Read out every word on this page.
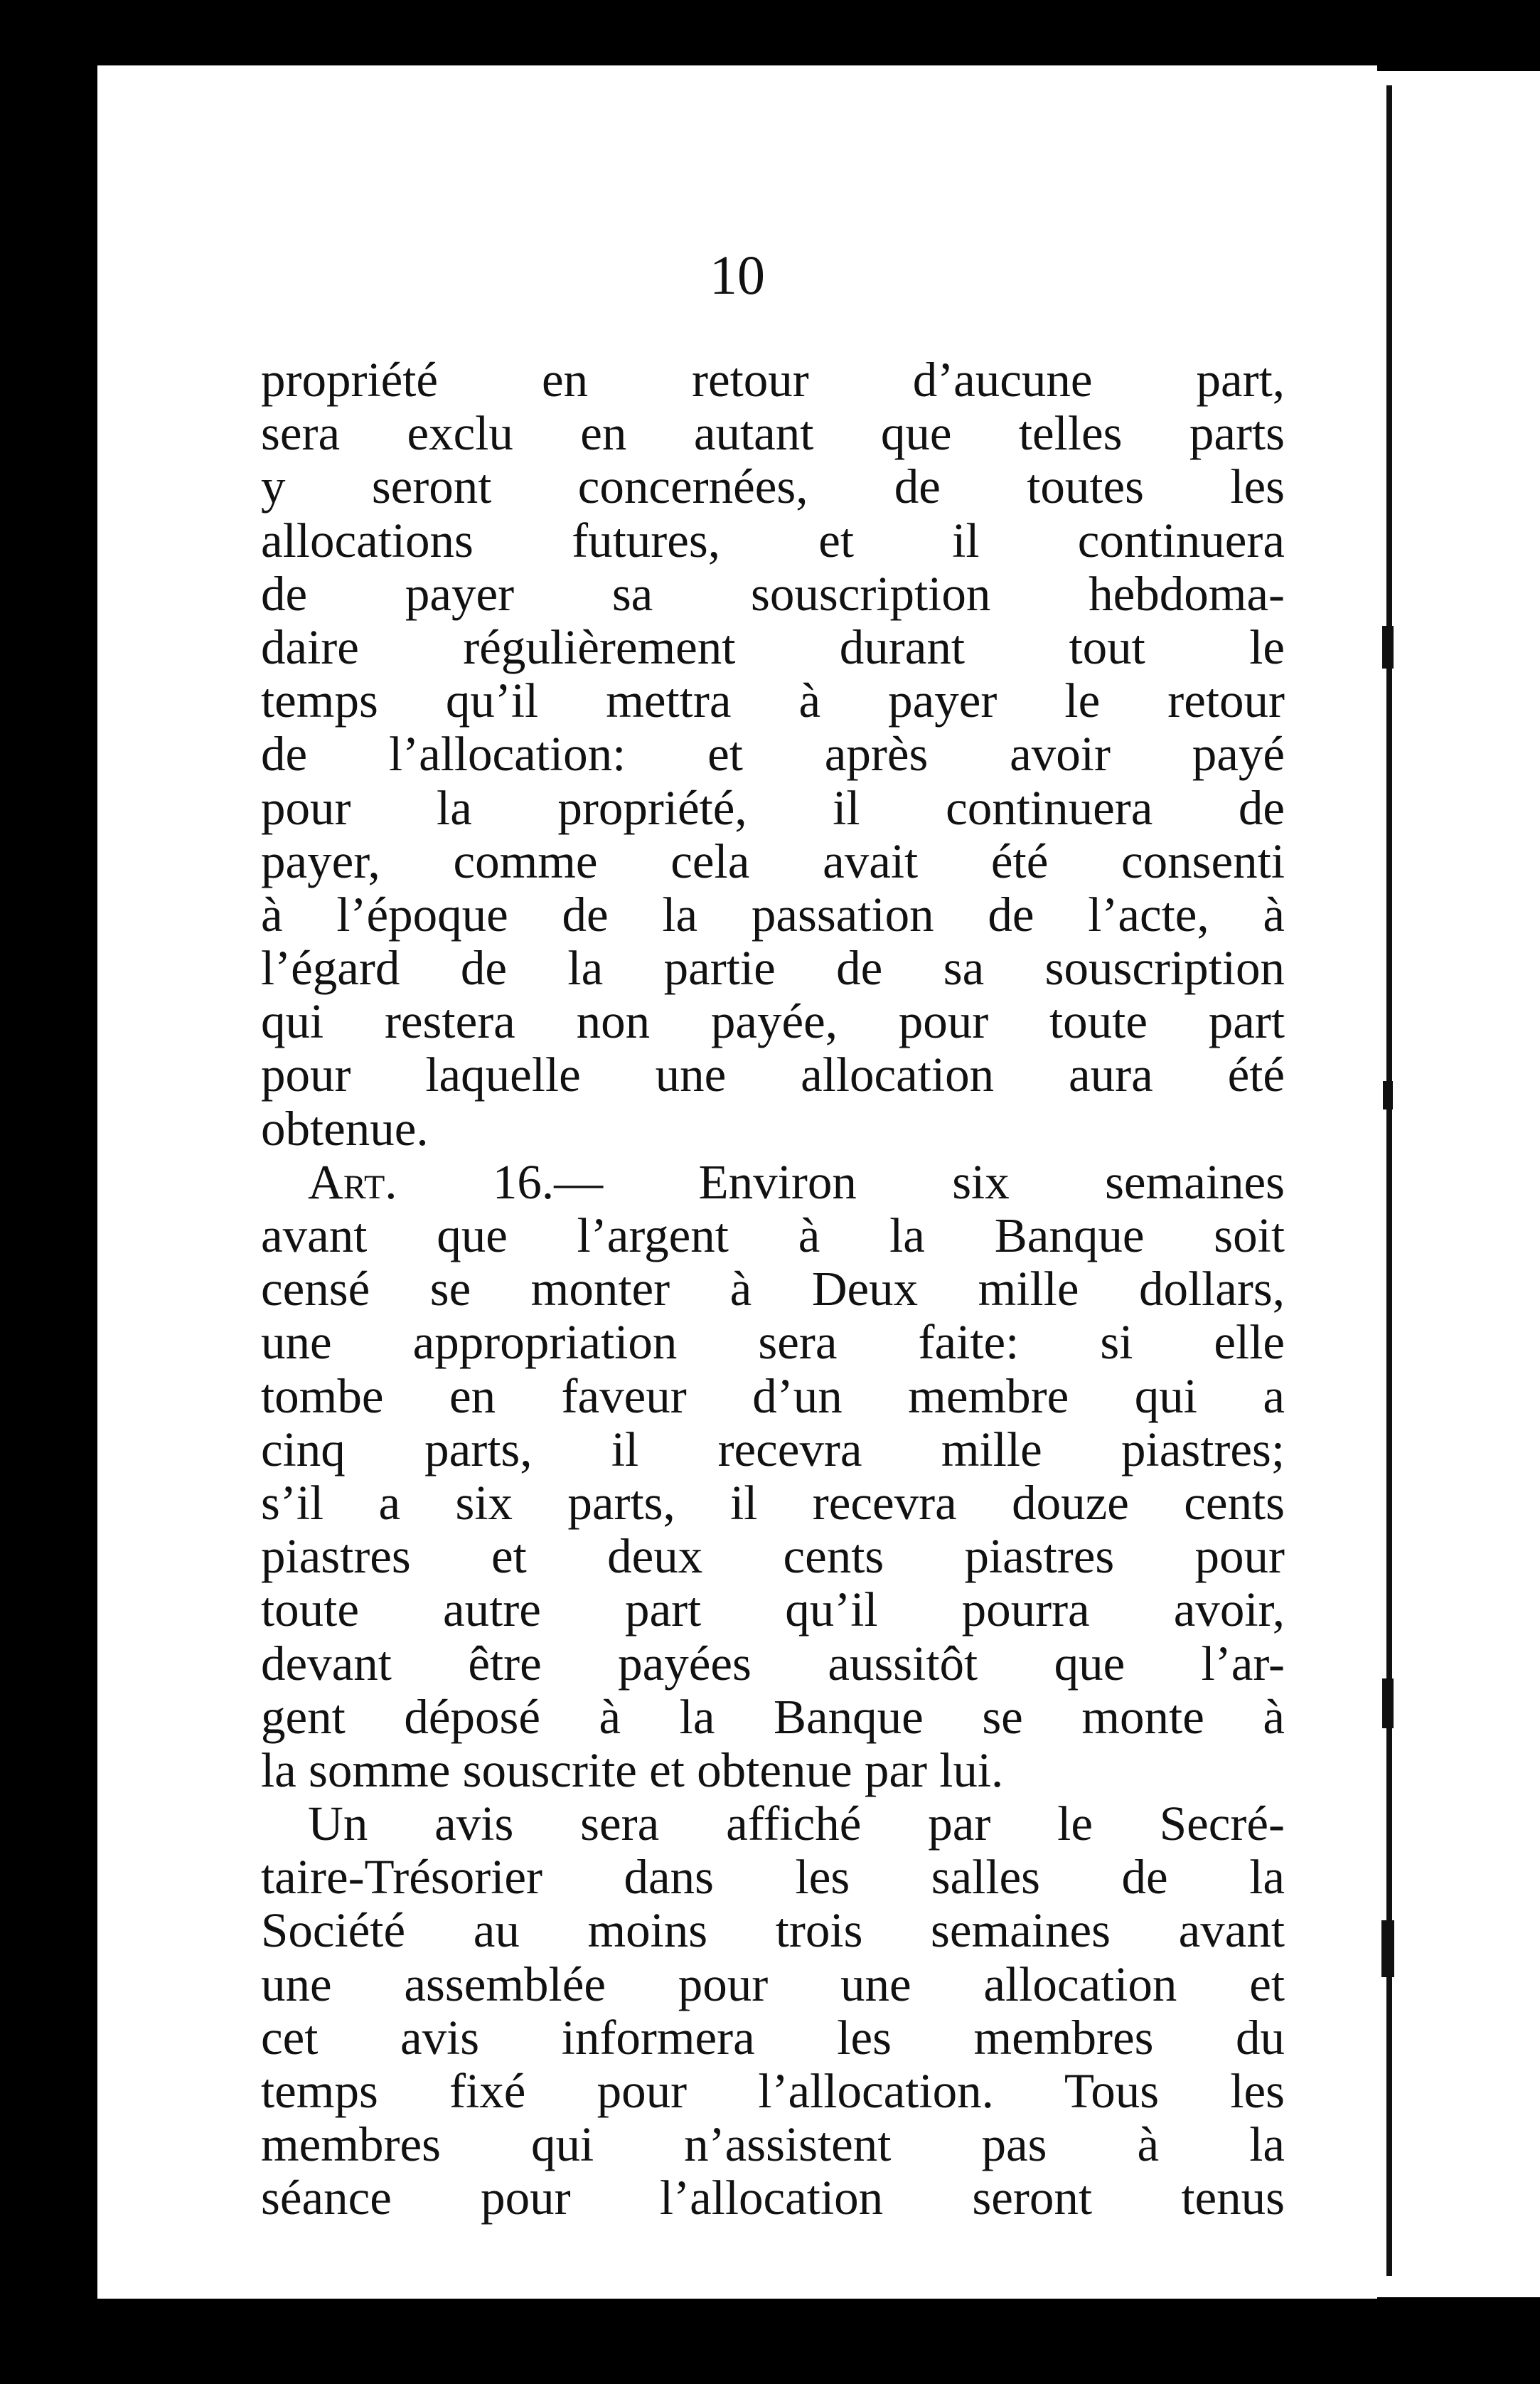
10
propriété en retour d’aucune part,
sera exclu en autant que telles parts
y seront concernées, de toutes les
allocations futures, et il continuera
de payer sa souscription hebdoma-
daire régulièrement durant tout le
temps qu’il mettra à payer le retour
de l’allocation: et après avoir payé
pour la propriété, il continuera de
payer, comme cela avait été consenti
à l’époque de la passation de l’acte, à
l’égard de la partie de sa souscription
qui restera non payée, pour toute part
pour laquelle une allocation aura été
obtenue.
Art. 16.— Environ six semaines
avant que l’argent à la Banque soit
censé se monter à Deux mille dollars,
une appropriation sera faite: si elle
tombe en faveur d’un membre qui a
cinq parts, il recevra mille piastres;
s’il a six parts, il recevra douze cents
piastres et deux cents piastres pour
toute autre part qu’il pourra avoir,
devant être payées aussitôt que l’ar-
gent déposé à la Banque se monte à
la somme souscrite et obtenue par lui.
Un avis sera affiché par le Secré-
taire-Trésorier dans les salles de la
Société au moins trois semaines avant
une assemblée pour une allocation et
cet avis informera les membres du
temps fixé pour l’allocation. Tous les
membres qui n’assistent pas à la
séance pour l’allocation seront tenus
